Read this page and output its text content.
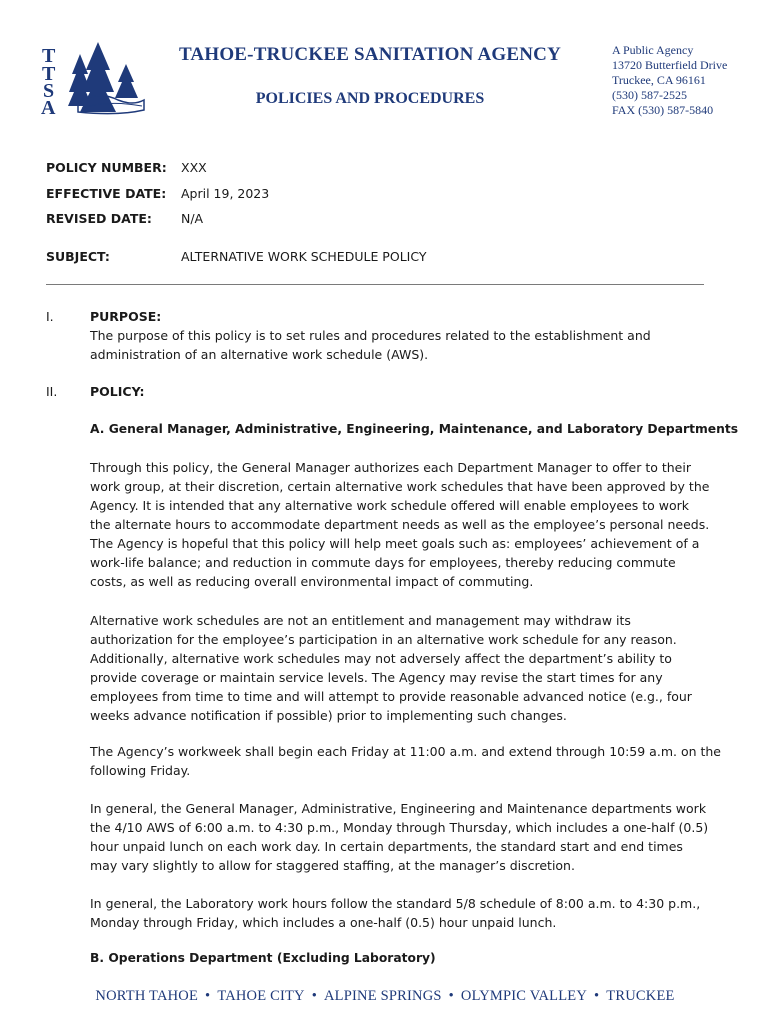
T
T
S
A
TAHOE-TRUCKEE SANITATION AGENCY
POLICIES AND PROCEDURES
A Public Agency
13720 Butterfield Drive
Truckee, CA 96161
(530) 587-2525
FAX (530) 587-5840
POLICY NUMBER: XXX
EFFECTIVE DATE: April 19, 2023
REVISED DATE: N/A
SUBJECT:	ALTERNATIVE WORK SCHEDULE POLICY
I.	PURPOSE:
The purpose of this policy is to set rules and procedures related to the establishment and
administration of an alternative work schedule (AWS).
II.	POLICY:
A. General Manager, Administrative, Engineering, Maintenance, and Laboratory Departments
Through this policy, the General Manager authorizes each Department Manager to offer to their
work group, at their discretion, certain alternative work schedules that have been approved by the
Agency. It is intended that any alternative work schedule offered will enable employees to work
the alternate hours to accommodate department needs as well as the employee’s personal needs.
The Agency is hopeful that this policy will help meet goals such as: employees’ achievement of a
work-life balance; and reduction in commute days for employees, thereby reducing commute
costs, as well as reducing overall environmental impact of commuting.
Alternative work schedules are not an entitlement and management may withdraw its
authorization for the employee’s participation in an alternative work schedule for any reason.
Additionally, alternative work schedules may not adversely affect the department’s ability to
provide coverage or maintain service levels. The Agency may revise the start times for any
employees from time to time and will attempt to provide reasonable advanced notice (e.g., four
weeks advance notification if possible) prior to implementing such changes.
The Agency’s workweek shall begin each Friday at 11:00 a.m. and extend through 10:59 a.m. on the
following Friday.
In general, the General Manager, Administrative, Engineering and Maintenance departments work
the 4/10 AWS of 6:00 a.m. to 4:30 p.m., Monday through Thursday, which includes a one-half (0.5)
hour unpaid lunch on each work day. In certain departments, the standard start and end times
may vary slightly to allow for staggered staffing, at the manager’s discretion.
In general, the Laboratory work hours follow the standard 5/8 schedule of 8:00 a.m. to 4:30 p.m.,
Monday through Friday, which includes a one-half (0.5) hour unpaid lunch.
B. Operations Department (Excluding Laboratory)
NORTH TAHOE • TAHOE CITY • ALPINE SPRINGS • OLYMPIC VALLEY • TRUCKEE
